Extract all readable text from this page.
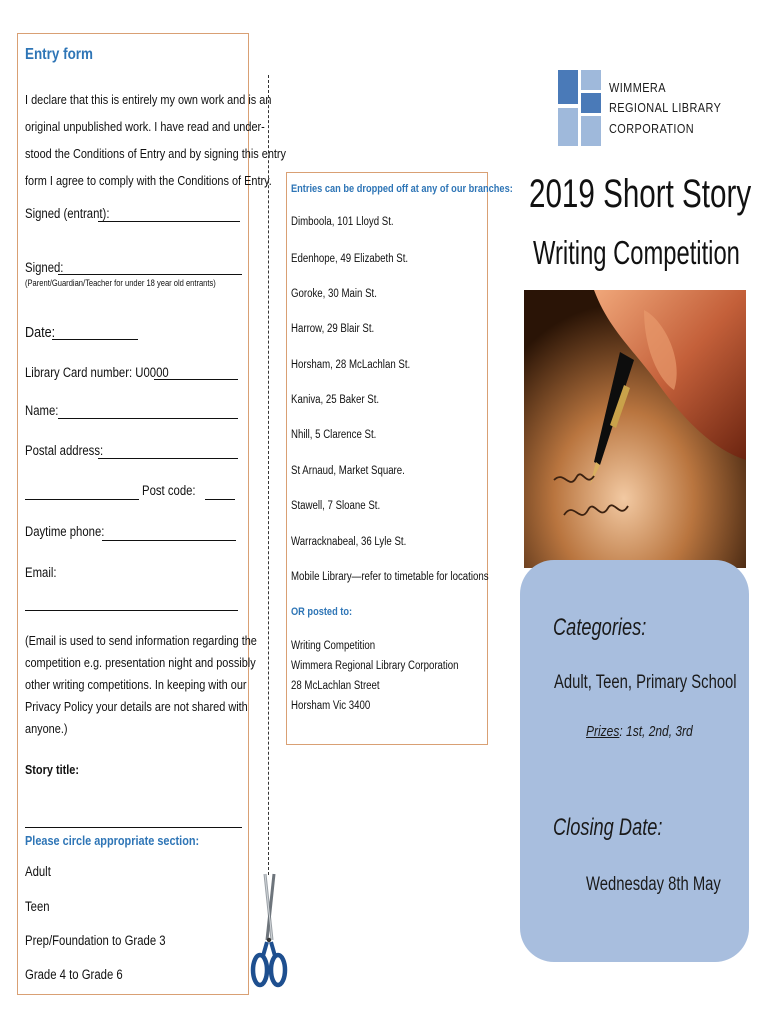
Entry form
I declare that this is entirely my own work and is an
original unpublished work. I have read and under-
stood the Conditions of Entry and by signing this entry
form I agree to comply with the Conditions of Entry.
Signed (entrant):
Signed:
(Parent/Guardian/Teacher for under 18 year old entrants)
Date:
Library Card number: U0000
Name:
Postal address:
Post code:
Daytime phone:
Email:
(Email is used to send information regarding the
competition e.g. presentation night and possibly
other writing competitions. In keeping with our
Privacy Policy your details are not shared with
anyone.)
Story title:
Please circle appropriate section:
Adult
Teen
Prep/Foundation to Grade 3
Grade 4 to Grade 6
Entries can be dropped off at any of our branches:
Dimboola, 101 Lloyd St.
Edenhope, 49 Elizabeth St.
Goroke, 30 Main St.
Harrow, 29 Blair St.
Horsham, 28 McLachlan St.
Kaniva, 25 Baker St.
Nhill, 5 Clarence St.
St Arnaud, Market Square.
Stawell, 7 Sloane St.
Warracknabeal, 36 Lyle St.
Mobile Library—refer to timetable for locations
OR posted to:
Writing Competition
Wimmera Regional Library Corporation
28 McLachlan Street
Horsham Vic 3400
WIMMERA
REGIONAL LIBRARY
CORPORATION
2019 Short Story
Writing Competition
Categories:
Adult, Teen, Primary School
Prizes: 1st, 2nd, 3rd
Closing Date:
Wednesday 8th May
